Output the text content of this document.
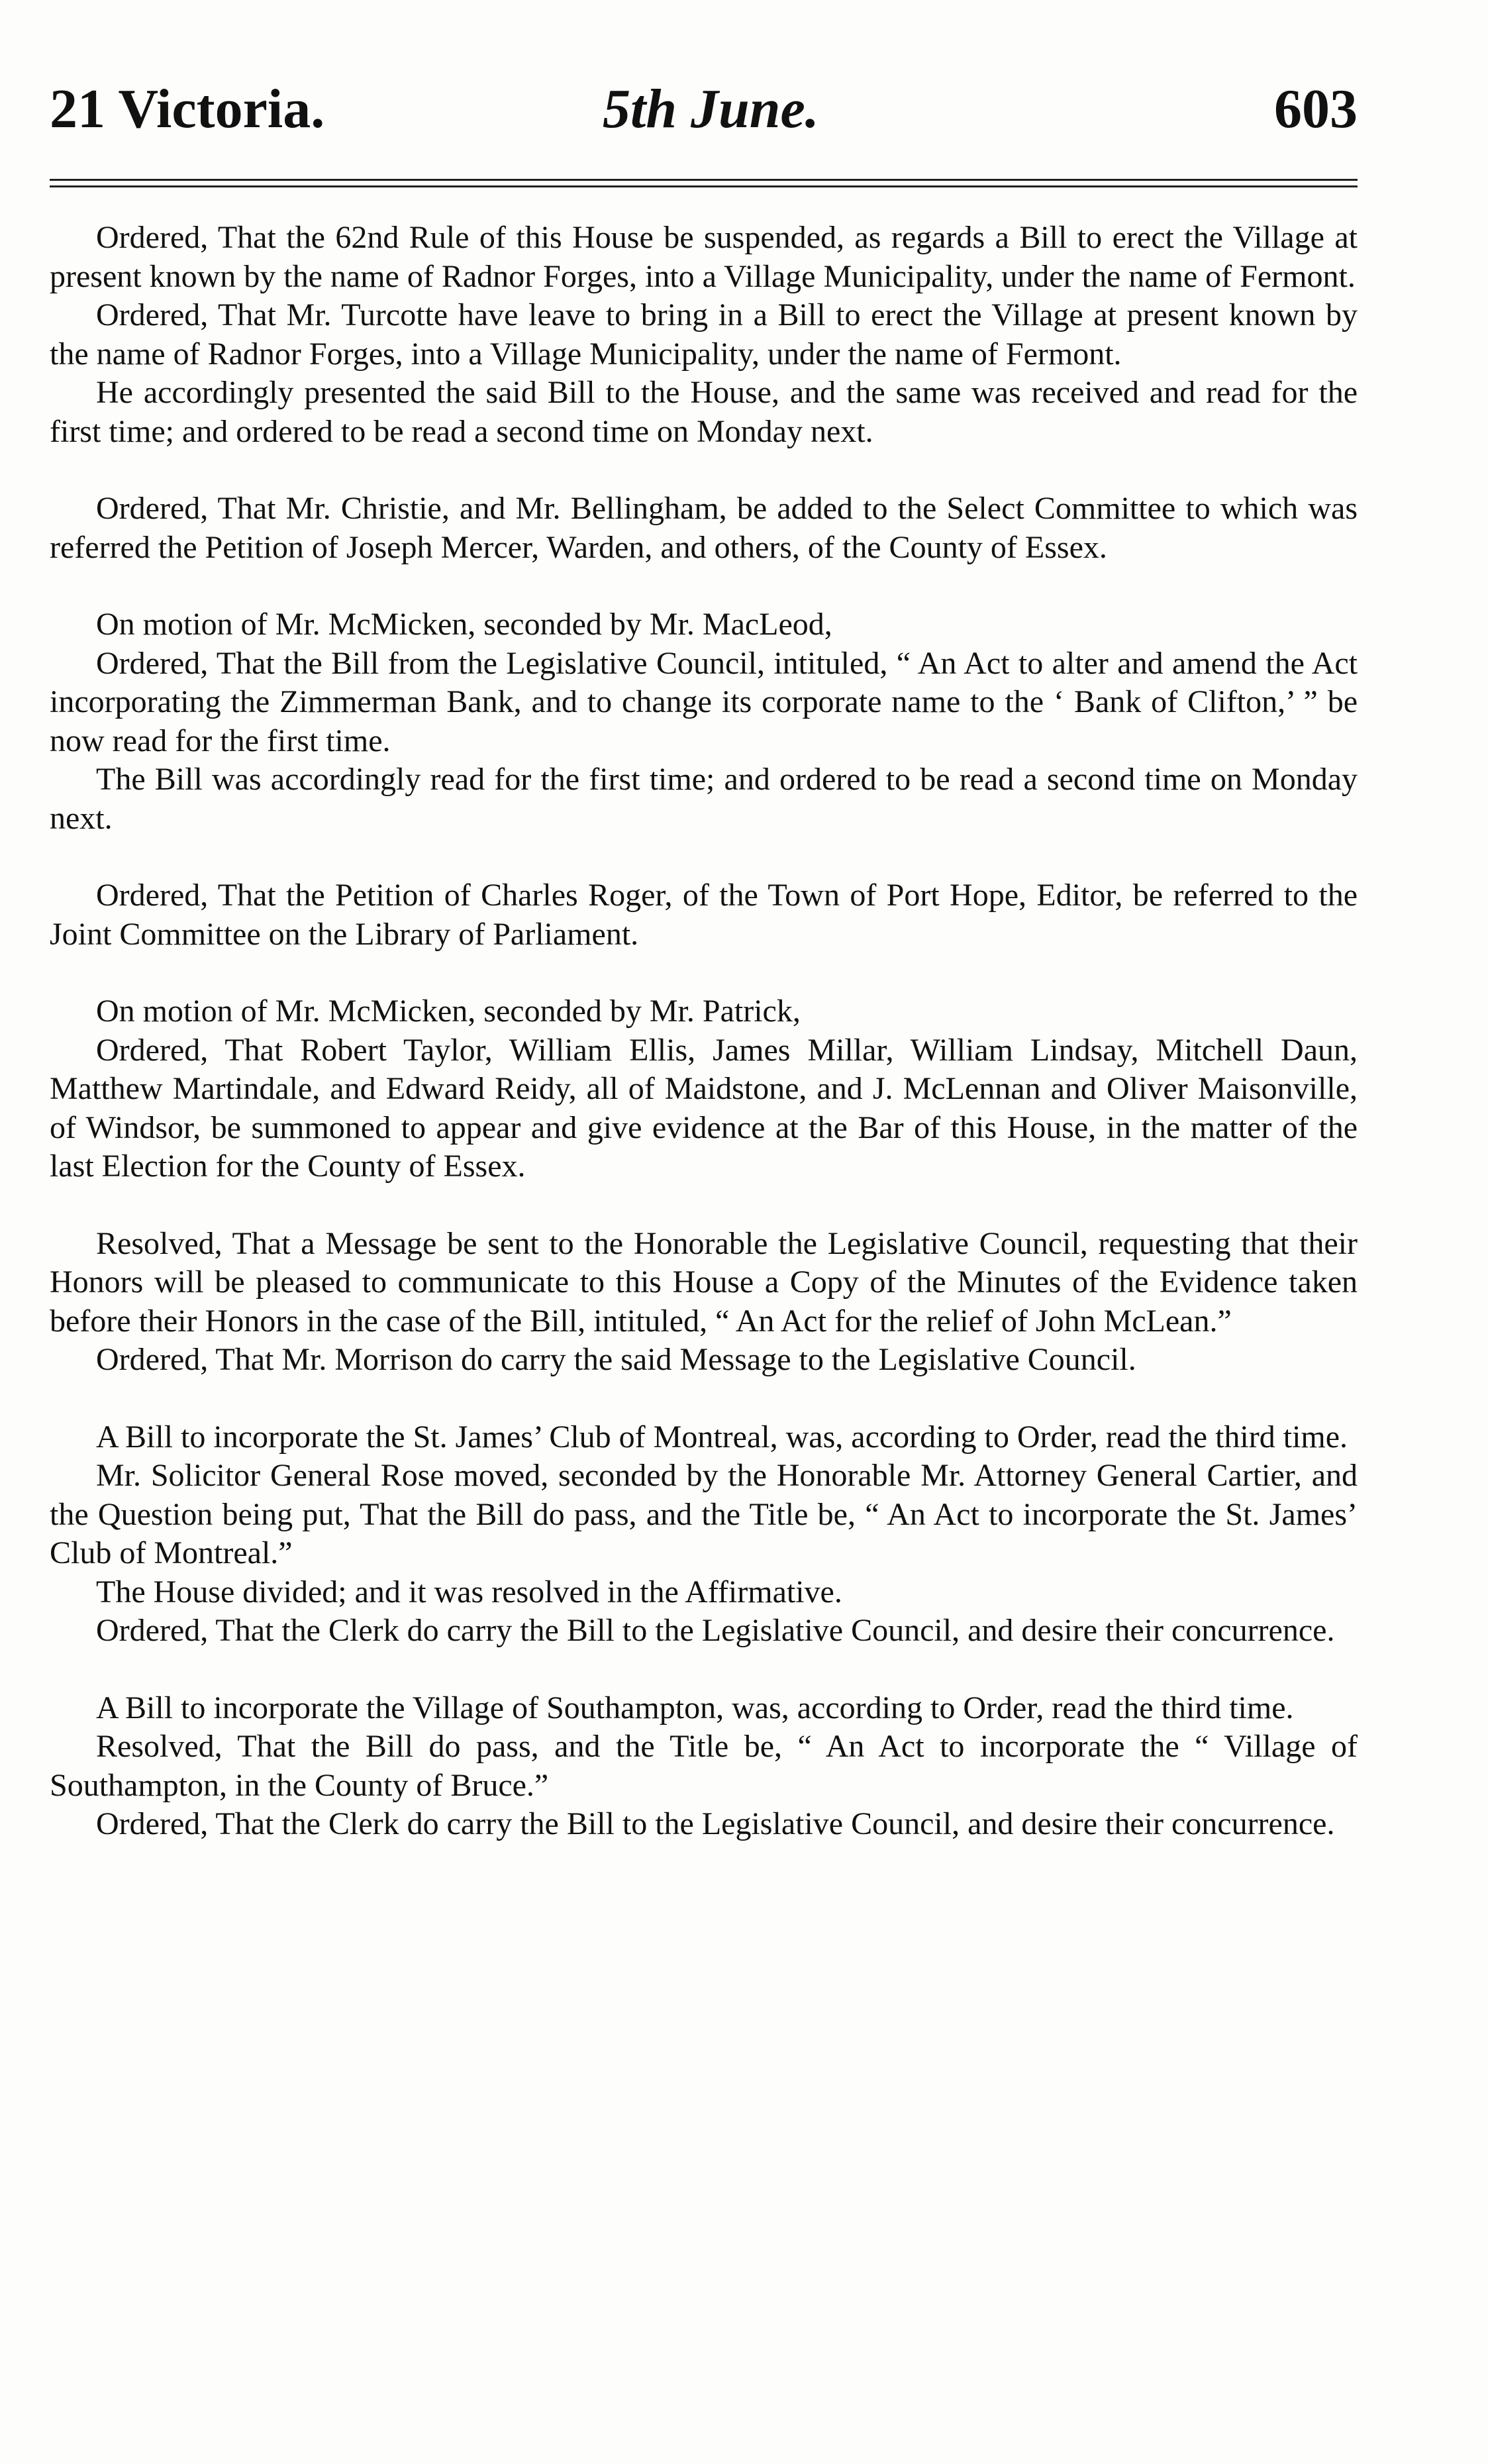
21 Victoria.	5th June.	603

Ordered, That the 62nd Rule of this House be suspended, as regards a Bill to erect the Village at present known by the name of Radnor Forges, into a Village Municipality, under the name of Fermont.

Ordered, That Mr. Turcotte have leave to bring in a Bill to erect the Village at present known by the name of Radnor Forges, into a Village Municipality, under the name of Fermont.

He accordingly presented the said Bill to the House, and the same was received and read for the first time; and ordered to be read a second time on Monday next.

Ordered, That Mr. Christie, and Mr. Bellingham, be added to the Select Committee to which was referred the Petition of Joseph Mercer, Warden, and others, of the County of Essex.

On motion of Mr. McMicken, seconded by Mr. MacLeod,

Ordered, That the Bill from the Legislative Council, intituled, “ An Act to alter and amend the Act incorporating the Zimmerman Bank, and to change its corporate name to the ‘ Bank of Clifton,’ ” be now read for the first time.

The Bill was accordingly read for the first time; and ordered to be read a second time on Monday next.

Ordered, That the Petition of Charles Roger, of the Town of Port Hope, Editor, be referred to the Joint Committee on the Library of Parliament.

On motion of Mr. McMicken, seconded by Mr. Patrick,

Ordered, That Robert Taylor, William Ellis, James Millar, William Lindsay, Mitchell Daun, Matthew Martindale, and Edward Reidy, all of Maidstone, and J. McLennan and Oliver Maisonville, of Windsor, be summoned to appear and give evidence at the Bar of this House, in the matter of the last Election for the County of Essex.

Resolved, That a Message be sent to the Honorable the Legislative Council, requesting that their Honors will be pleased to communicate to this House a Copy of the Minutes of the Evidence taken before their Honors in the case of the Bill, intituled, “ An Act for the relief of John McLean.”

Ordered, That Mr. Morrison do carry the said Message to the Legislative Council.

A Bill to incorporate the St. James’ Club of Montreal, was, according to Order, read the third time.

Mr. Solicitor General Rose moved, seconded by the Honorable Mr. Attorney General Cartier, and the Question being put, That the Bill do pass, and the Title be, “ An Act to incorporate the St. James’ Club of Montreal.”

The House divided; and it was resolved in the Affirmative.

Ordered, That the Clerk do carry the Bill to the Legislative Council, and desire their concurrence.

A Bill to incorporate the Village of Southampton, was, according to Order, read the third time.

Resolved, That the Bill do pass, and the Title be, “ An Act to incorporate the “ Village of Southampton, in the County of Bruce.”

Ordered, That the Clerk do carry the Bill to the Legislative Council, and desire their concurrence.
